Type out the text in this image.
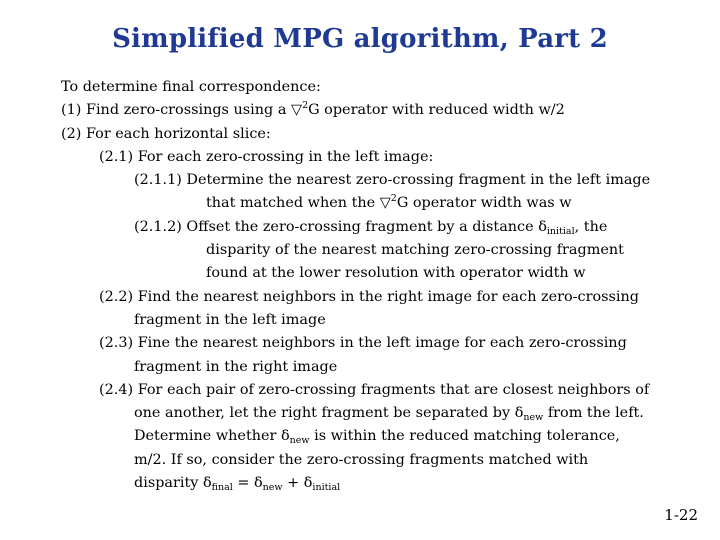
Simplified MPG algorithm, Part 2
To determine final correspondence:
(1) Find zero-crossings using a ▽$^2$G operator with reduced width w/2
(2) For each horizontal slice:
(2.1) For each zero-crossing in the left image:
(2.1.1) Determine the nearest zero-crossing fragment in the left image
that matched when the ▽$^2$G operator width was w
(2.1.2) Offset the zero-crossing fragment by a distance $\delta_{initial}$, the
disparity of the nearest matching zero-crossing fragment
found at the lower resolution with operator width w
(2.2) Find the nearest neighbors in the right image for each zero-crossing
fragment in the left image
(2.3) Fine the nearest neighbors in the left image for each zero-crossing
fragment in the right image
(2.4) For each pair of zero-crossing fragments that are closest neighbors of
one another, let the right fragment be separated by $\delta_{new}$ from the left.
Determine whether $\delta_{new}$ is within the reduced matching tolerance,
m/2. If so, consider the zero-crossing fragments matched with
disparity $\delta_{final} = \delta_{new} + \delta_{initial}$
1-22
